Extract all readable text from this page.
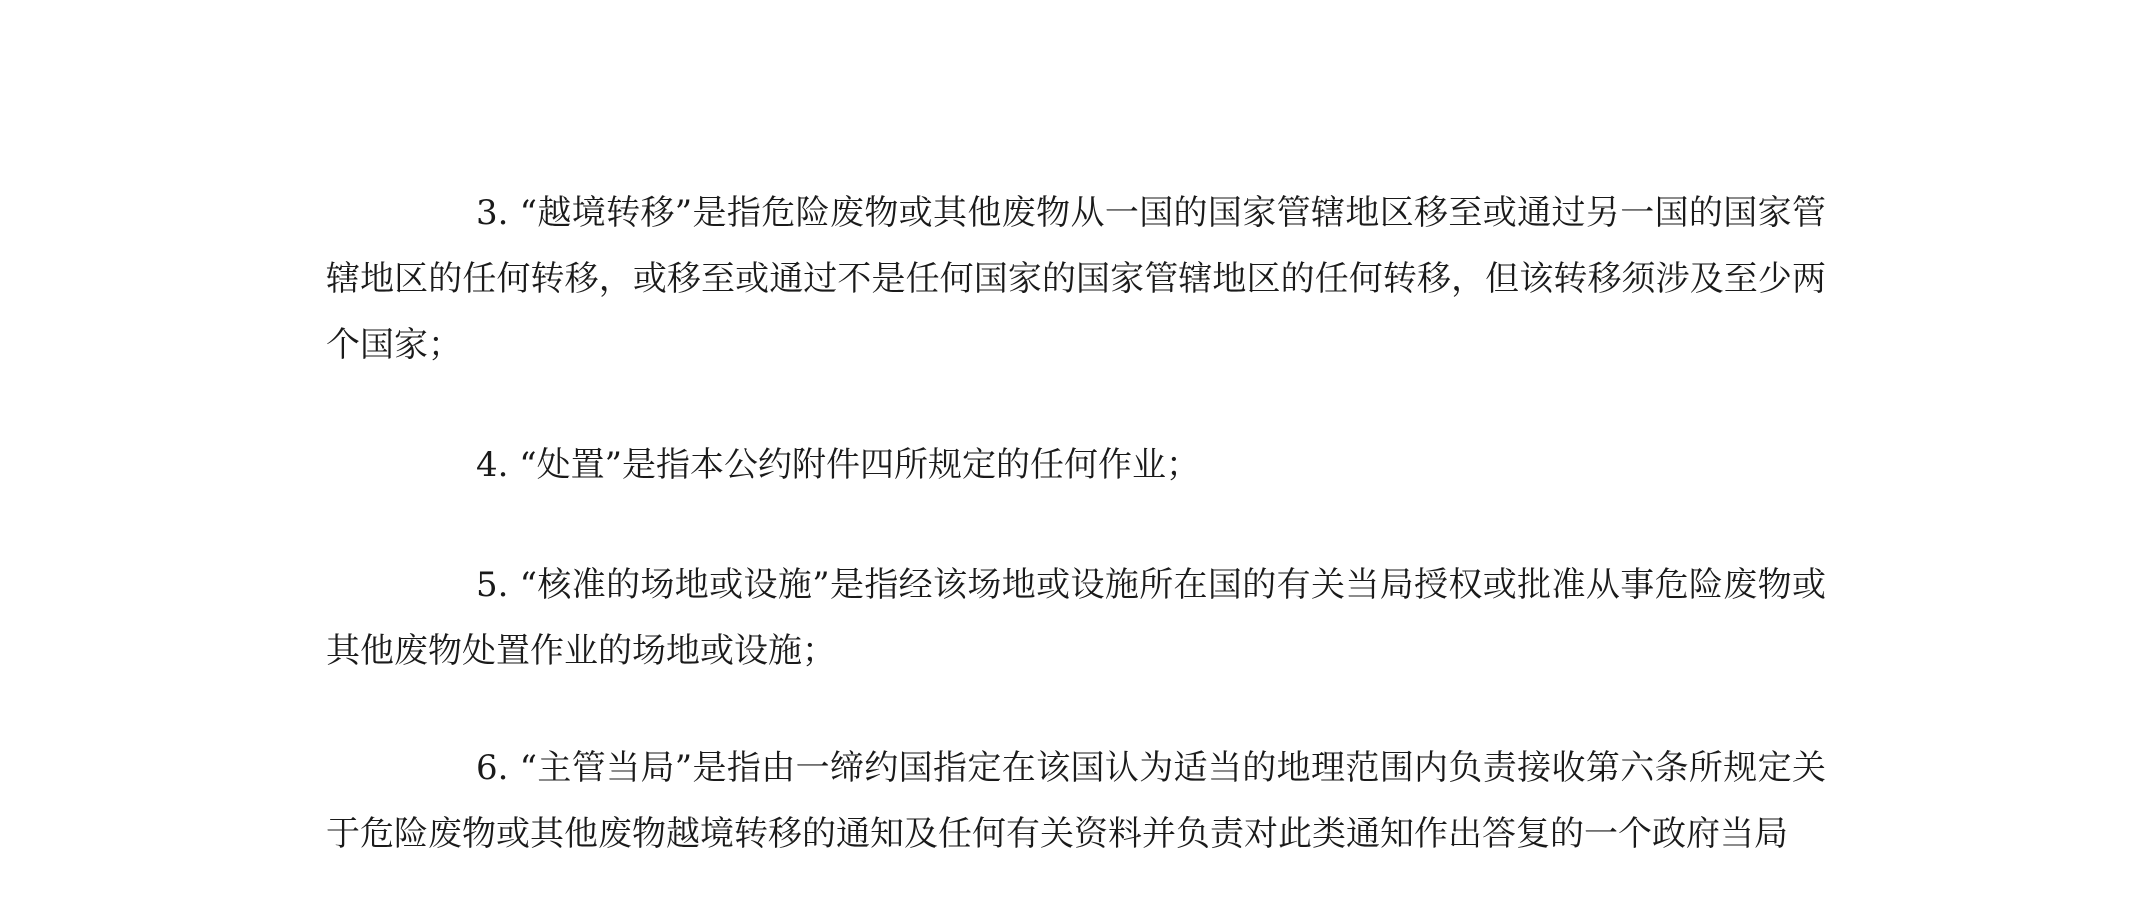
3. “越境转移”是指危险废物或其他废物从一国的国家管辖地区移至或通过另一国的国家管辖地区的任何转移，或移至或通过不是任何国家的国家管辖地区的任何转移，但该转移须涉及至少两个国家；

4. “处置”是指本公约附件四所规定的任何作业；

5. “核准的场地或设施”是指经该场地或设施所在国的有关当局授权或批准从事危险废物或其他废物处置作业的场地或设施；

6. “主管当局”是指由一缔约国指定在该国认为适当的地理范围内负责接收第六条所规定关于危险废物或其他废物越境转移的通知及任何有关资料并负责对此类通知作出答复的一个政府当局
